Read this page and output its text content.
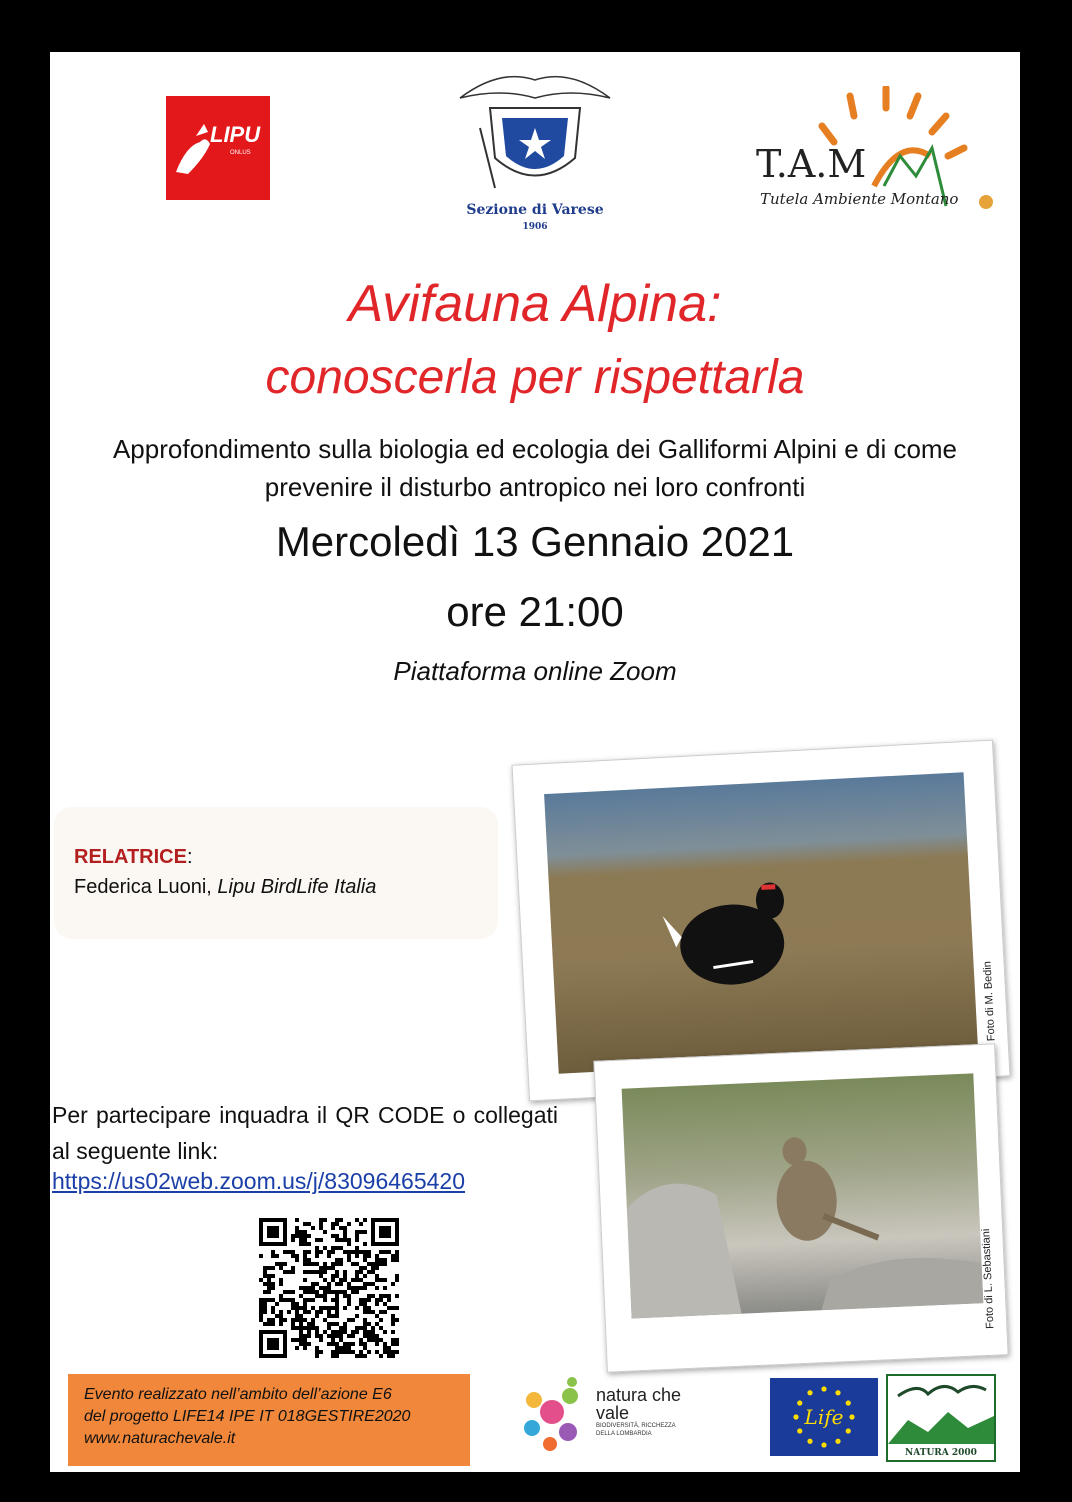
LIPU
ONLUS
Sezione di Varese
1906
T.A.M
Tutela Ambiente Montano
Avifauna Alpina:
conoscerla per rispettarla
Approfondimento sulla biologia ed ecologia dei Galliformi Alpini e di come prevenire il disturbo antropico nei loro confronti
Mercoledì 13 Gennaio 2021
ore 21:00
Piattaforma online Zoom
RELATRICE:
Federica Luoni, Lipu BirdLife Italia
Foto di M. Bedin
Foto di L. Sebastiani
Per partecipare inquadra il QR CODE o collegati al seguente link:
https://us02web.zoom.us/j/83096465420
Evento realizzato nell’ambito dell’azione E6
del progetto LIFE14 IPE IT 018GESTIRE2020
www.naturachevale.it
natura che vale
BIODIVERSITÀ, RICCHEZZA DELLA LOMBARDIA
Life
NATURA 2000
